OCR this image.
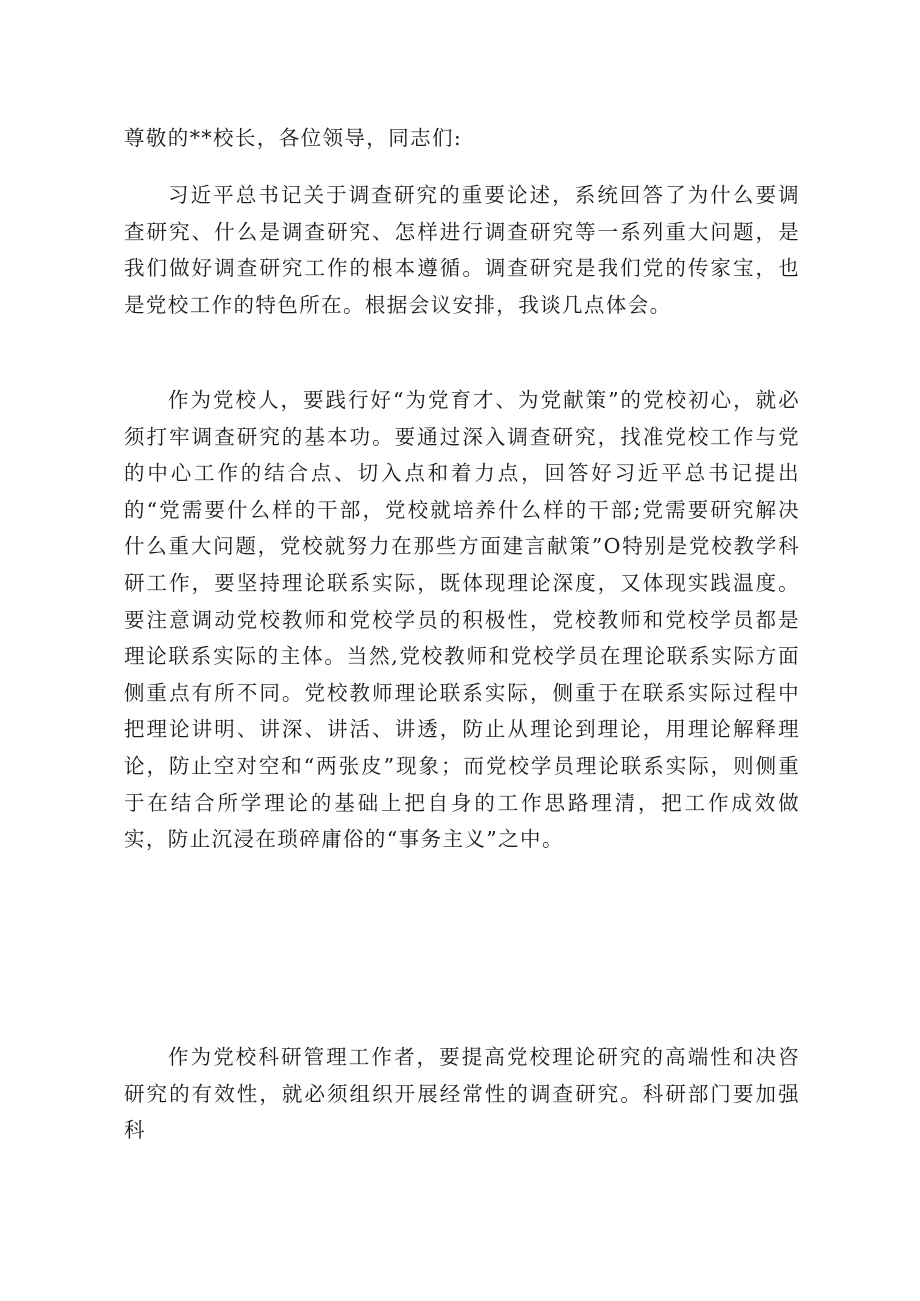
尊敬的**校长，各位领导，同志们:

习近平总书记关于调查研究的重要论述，系统回答了为什么要调查研究、什么是调查研究、怎样进行调查研究等一系列重大问题，是我们做好调查研究工作的根本遵循。调查研究是我们党的传家宝，也是党校工作的特色所在。根据会议安排，我谈几点体会。

作为党校人，要践行好“为党育才、为党献策”的党校初心，就必须打牢调查研究的基本功。要通过深入调查研究，找准党校工作与党的中心工作的结合点、切入点和着力点，回答好习近平总书记提出的“党需要什么样的干部，党校就培养什么样的干部;党需要研究解决什么重大问题，党校就努力在那些方面建言献策”O特别是党校教学科研工作，要坚持理论联系实际，既体现理论深度，又体现实践温度。要注意调动党校教师和党校学员的积极性，党校教师和党校学员都是理论联系实际的主体。当然,党校教师和党校学员在理论联系实际方面侧重点有所不同。党校教师理论联系实际，侧重于在联系实际过程中把理论讲明、讲深、讲活、讲透，防止从理论到理论，用理论解释理论，防止空对空和“两张皮”现象；而党校学员理论联系实际，则侧重于在结合所学理论的基础上把自身的工作思路理清，把工作成效做实，防止沉浸在琐碎庸俗的“事务主义”之中。

作为党校科研管理工作者，要提高党校理论研究的高端性和决咨研究的有效性，就必须组织开展经常性的调查研究。科研部门要加强科
